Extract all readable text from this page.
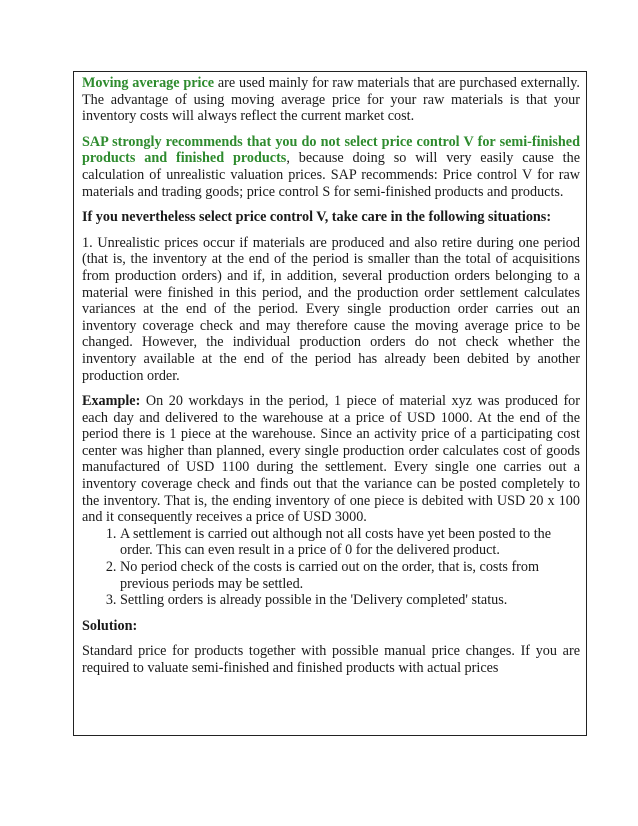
Moving average price are used mainly for raw materials that are purchased externally. The advantage of using moving average price for your raw materials is that your inventory costs will always reflect the current market cost.

SAP strongly recommends that you do not select price control V for semi-finished products and finished products, because doing so will very easily cause the calculation of unrealistic valuation prices. SAP recommends: Price control V for raw materials and trading goods; price control S for semi-finished products and products.

If you nevertheless select price control V, take care in the following situations:

1. Unrealistic prices occur if materials are produced and also retire during one period (that is, the inventory at the end of the period is smaller than the total of acquisitions from production orders) and if, in addition, several production orders belonging to a material were finished in this period, and the production order settlement calculates variances at the end of the period. Every single production order carries out an inventory coverage check and may therefore cause the moving average price to be changed. However, the individual production orders do not check whether the inventory available at the end of the period has already been debited by another production order.

Example: On 20 workdays in the period, 1 piece of material xyz was produced for each day and delivered to the warehouse at a price of USD 1000. At the end of the period there is 1 piece at the warehouse. Since an activity price of a participating cost center was higher than planned, every single production order calculates cost of goods manufactured of USD 1100 during the settlement. Every single one carries out a inventory coverage check and finds out that the variance can be posted completely to the inventory. That is, the ending inventory of one piece is debited with USD 20 x 100 and it consequently receives a price of USD 3000.

1. A settlement is carried out although not all costs have yet been posted to the order. This can even result in a price of 0 for the delivered product.
2. No period check of the costs is carried out on the order, that is, costs from previous periods may be settled.
3. Settling orders is already possible in the 'Delivery completed' status.

Solution:

Standard price for products together with possible manual price changes. If you are required to valuate semi-finished and finished products with actual prices
